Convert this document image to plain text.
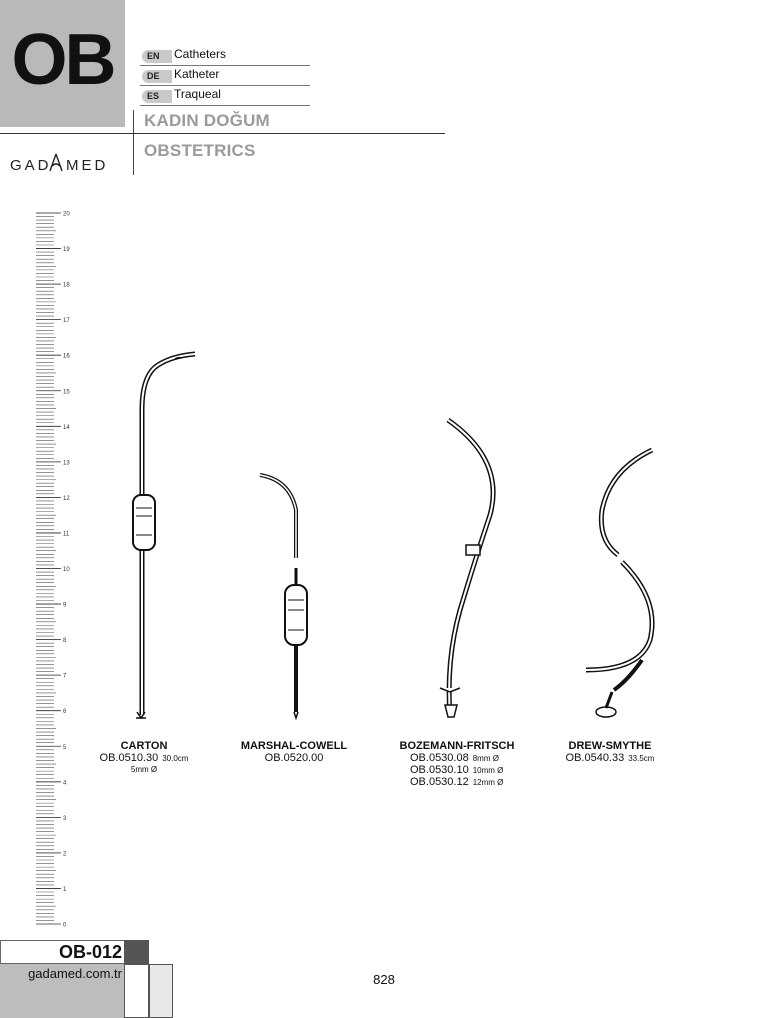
OB	EN	Catheters
DE	Katheter
ES	Traqueal
KADIN DOĞUM
OBSTETRICS
GAD MED
20
19
18
17
16
15
14
13
12
11
10
9
8
7
6
5
4
3
2
1
0
CARTON
OB.0510.30 30.0cm
5mm Ø
MARSHAL-COWELL
OB.0520.00
BOZEMANN-FRITSCH
OB.0530.08 8mm Ø
OB.0530.10 10mm Ø
OB.0530.12 12mm Ø
DREW-SMYTHE
OB.0540.33 33.5cm
OB-012
gadamed.com.tr	828
